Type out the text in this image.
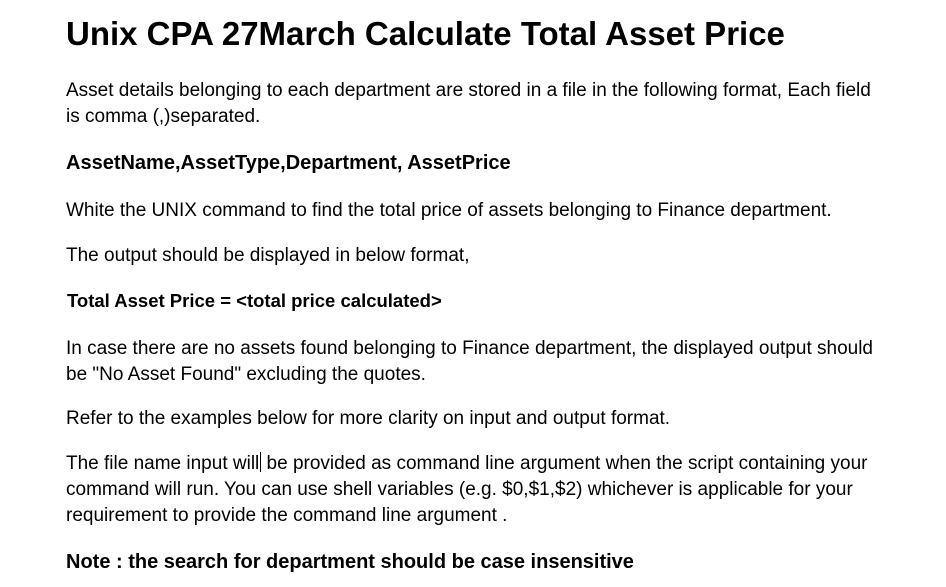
Unix CPA 27March Calculate Total Asset Price

Asset details belonging to each department are stored in a file in the following format, Each field is comma (,)separated.

AssetName,AssetType,Department, AssetPrice

White the UNIX command to find the total price of assets belonging to Finance department.

The output should be displayed in below format,

Total Asset Price = <total price calculated>

In case there are no assets found belonging to Finance department, the displayed output should be "No Asset Found" excluding the quotes.

Refer to the examples below for more clarity on input and output format.

The file name input will be provided as command line argument when the script containing your command will run. You can use shell variables (e.g. $0,$1,$2) whichever is applicable for your requirement to provide the command line argument .

Note : the search for department should be case insensitive
